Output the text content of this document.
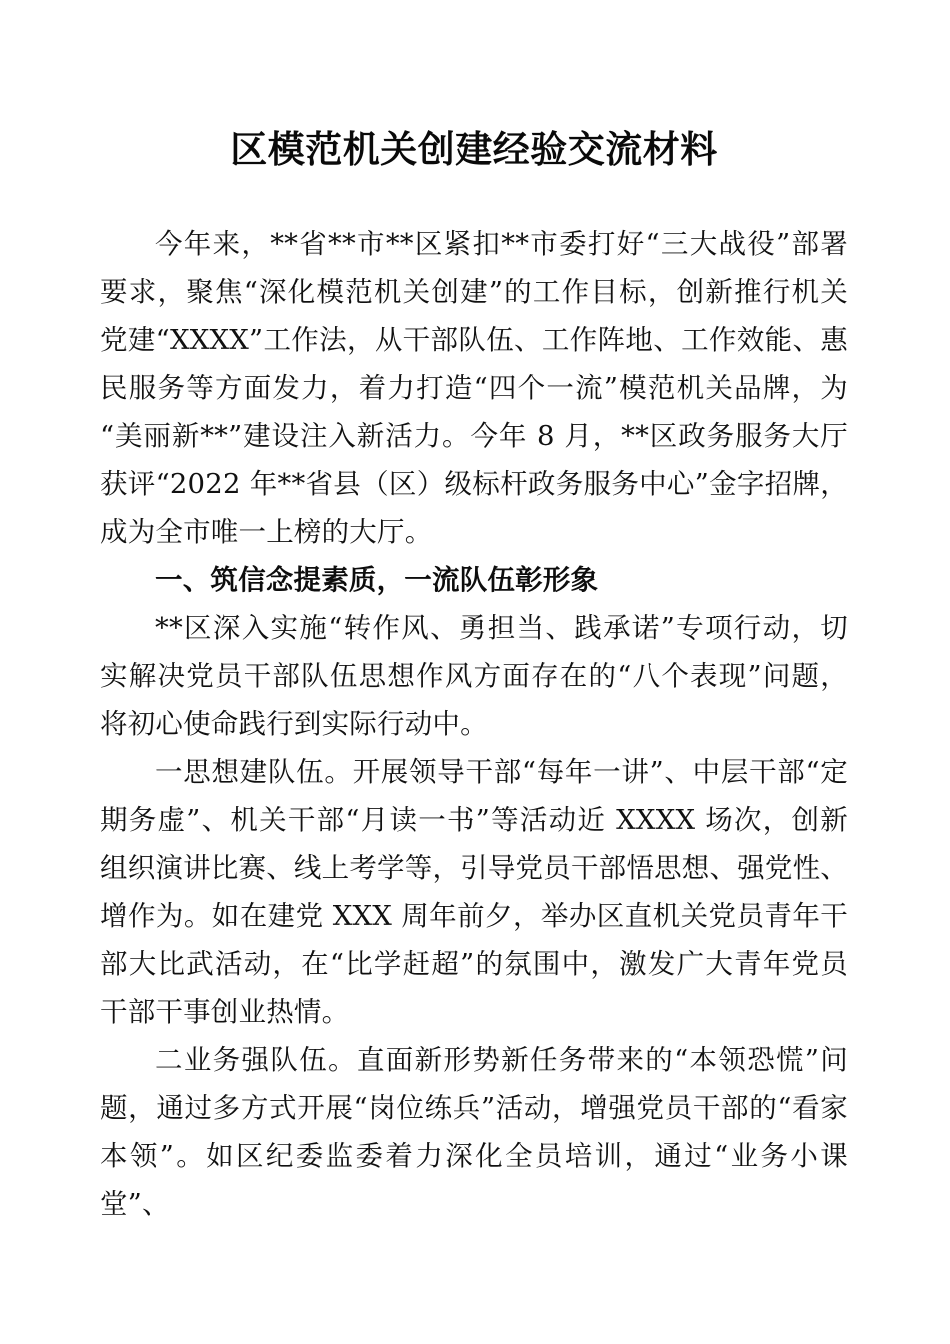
区模范机关创建经验交流材料

今年来，**省**市**区紧扣**市委打好“三大战役”部署要求，聚焦“深化模范机关创建”的工作目标，创新推行机关党建“XXXX”工作法，从干部队伍、工作阵地、工作效能、惠民服务等方面发力，着力打造“四个一流”模范机关品牌，为“美丽新**”建设注入新活力。今年 8 月，**区政务服务大厅获评“2022 年**省县（区）级标杆政务服务中心”金字招牌，成为全市唯一上榜的大厅。

一、筑信念提素质，一流队伍彰形象

**区深入实施“转作风、勇担当、践承诺”专项行动，切实解决党员干部队伍思想作风方面存在的“八个表现”问题，将初心使命践行到实际行动中。

一思想建队伍。开展领导干部“每年一讲”、中层干部“定期务虚”、机关干部“月读一书”等活动近 XXXX 场次，创新组织演讲比赛、线上考学等，引导党员干部悟思想、强党性、增作为。如在建党 XXX 周年前夕，举办区直机关党员青年干部大比武活动，在“比学赶超”的氛围中，激发广大青年党员干部干事创业热情。

二业务强队伍。直面新形势新任务带来的“本领恐慌”问题，通过多方式开展“岗位练兵”活动，增强党员干部的“看家本领”。如区纪委监委着力深化全员培训，通过“业务小课堂”、
